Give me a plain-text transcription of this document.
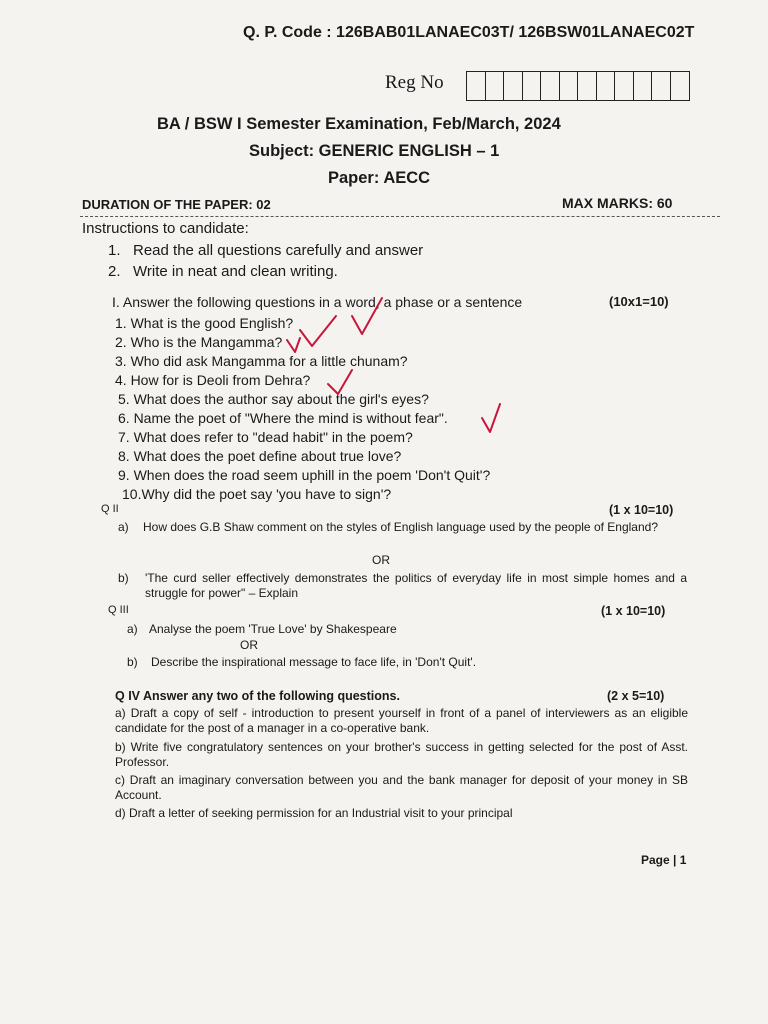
Q. P. Code : 126BAB01LANAEC03T/ 126BSW01LANAEC02T
Reg No
BA / BSW I Semester Examination, Feb/March, 2024
Subject: GENERIC ENGLISH – 1
Paper: AECC
DURATION OF THE PAPER: 02	MAX MARKS: 60
Instructions to candidate:
1. Read the all questions carefully and answer
2. Write in neat and clean writing.
I. Answer the following questions in a word, a phase or a sentence	(10x1=10)
1. What is the good English?
2. Who is the Mangamma?
3. Who did ask Mangamma for a little chunam?
4. How for is Deoli from Dehra?
5. What does the author say about the girl's eyes?
6. Name the poet of "Where the mind is without fear".
7. What does refer to "dead habit" in the poem?
8. What does the poet define about true love?
9. When does the road seem uphill in the poem 'Don't Quit'?
10.Why did the poet say 'you have to sign'?
Q II	(1 x 10=10)
a) How does G.B Shaw comment on the styles of English language used by the people of England?
OR
b) 'The curd seller effectively demonstrates the politics of everyday life in most simple homes and a struggle for power" – Explain
Q III	(1 x 10=10)
a) Analyse the poem 'True Love' by Shakespeare
OR
b) Describe the inspirational message to face life, in 'Don't Quit'.
Q IV Answer any two of the following questions.	(2 x 5=10)
a) Draft a copy of self - introduction to present yourself in front of a panel of interviewers as an eligible candidate for the post of a manager in a co-operative bank.
b) Write five congratulatory sentences on your brother's success in getting selected for the post of Asst. Professor.
c) Draft an imaginary conversation between you and the bank manager for deposit of your money in SB Account.
d) Draft a letter of seeking permission for an Industrial visit to your principal
Page | 1
